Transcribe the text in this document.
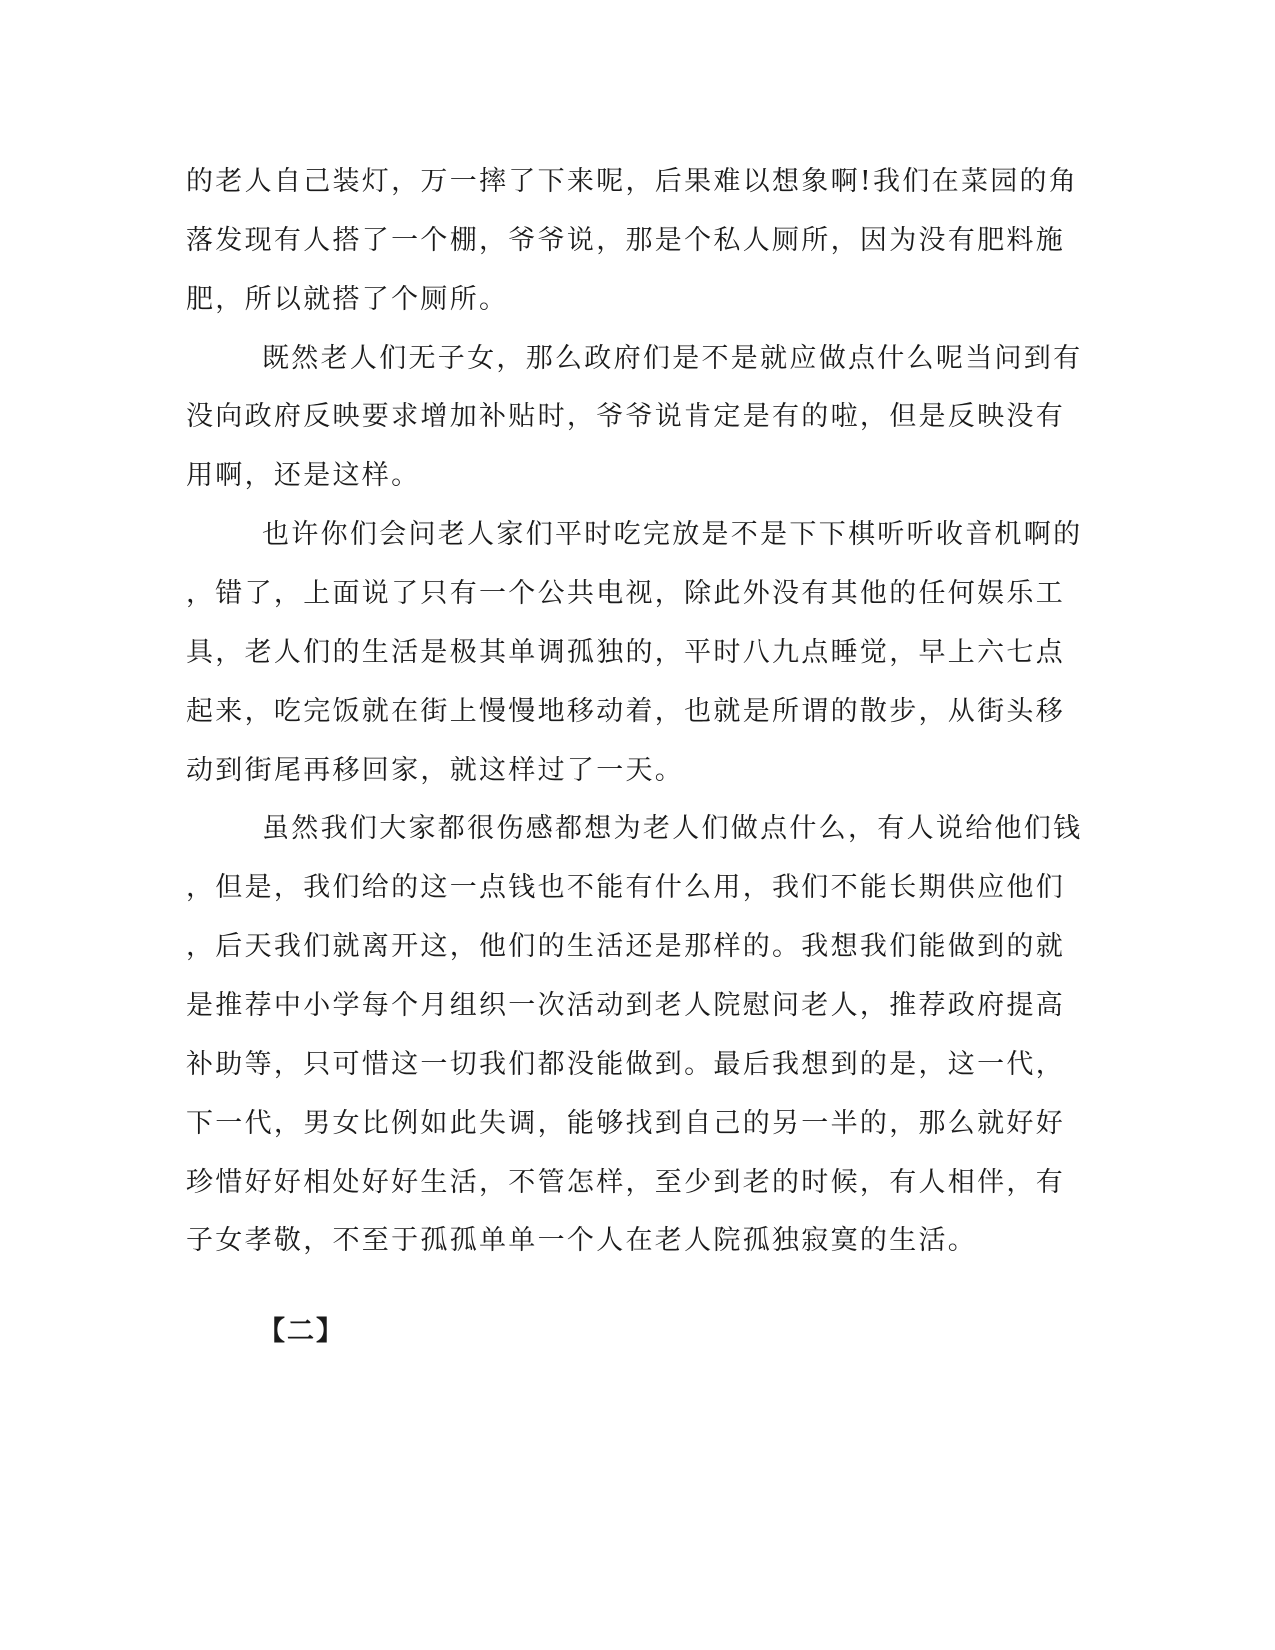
的老人自己装灯，万一摔了下来呢，后果难以想象啊!我们在菜园的角
落发现有人搭了一个棚，爷爷说，那是个私人厕所，因为没有肥料施
肥，所以就搭了个厕所。
既然老人们无子女，那么政府们是不是就应做点什么呢当问到有
没向政府反映要求增加补贴时，爷爷说肯定是有的啦，但是反映没有
用啊，还是这样。
也许你们会问老人家们平时吃完放是不是下下棋听听收音机啊的
，错了，上面说了只有一个公共电视，除此外没有其他的任何娱乐工
具，老人们的生活是极其单调孤独的，平时八九点睡觉，早上六七点
起来，吃完饭就在街上慢慢地移动着，也就是所谓的散步，从街头移
动到街尾再移回家，就这样过了一天。
虽然我们大家都很伤感都想为老人们做点什么，有人说给他们钱
，但是，我们给的这一点钱也不能有什么用，我们不能长期供应他们
，后天我们就离开这，他们的生活还是那样的。我想我们能做到的就
是推荐中小学每个月组织一次活动到老人院慰问老人，推荐政府提高
补助等，只可惜这一切我们都没能做到。最后我想到的是，这一代，
下一代，男女比例如此失调，能够找到自己的另一半的，那么就好好
珍惜好好相处好好生活，不管怎样，至少到老的时候，有人相伴，有
子女孝敬，不至于孤孤单单一个人在老人院孤独寂寞的生活。
【二】
